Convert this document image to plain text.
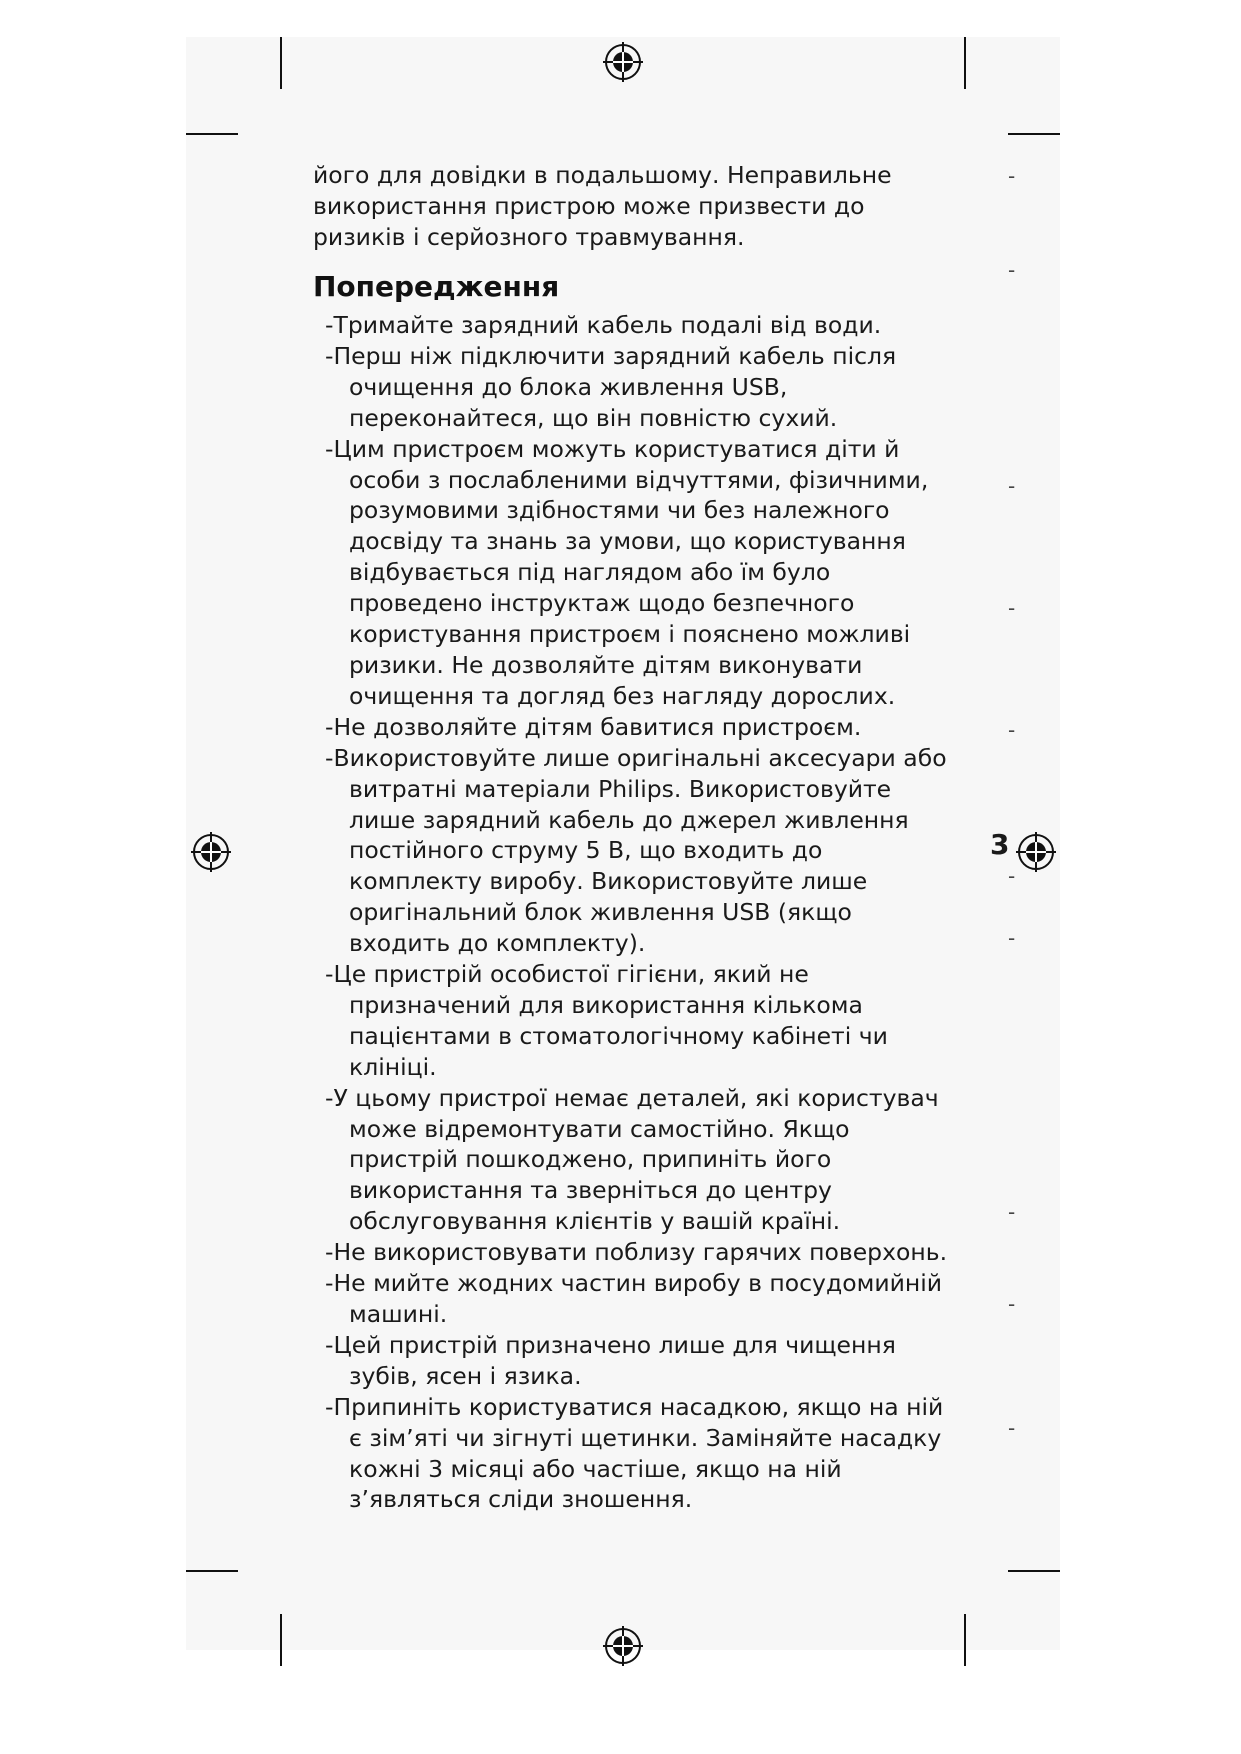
його для довідки в подальшому. Неправильне використання пристрою може призвести до ризиків і серйозного травмування.

Попередження
-Тримайте зарядний кабель подалі від води.
-Перш ніж підключити зарядний кабель після очищення до блока живлення USB, переконайтеся, що він повністю сухий.
-Цим пристроєм можуть користуватися діти й особи з послабленими відчуттями, фізичними, розумовими здібностями чи без належного досвіду та знань за умови, що користування відбувається під наглядом або їм було проведено інструктаж щодо безпечного користування пристроєм і пояснено можливі ризики. Не дозволяйте дітям виконувати очищення та догляд без нагляду дорослих.
-Не дозволяйте дітям бавитися пристроєм.
-Використовуйте лише оригінальні аксесуари або витратні матеріали Philips. Використовуйте лише зарядний кабель до джерел живлення постійного струму 5 В, що входить до комплекту виробу. Використовуйте лише оригінальний блок живлення USB (якщо входить до комплекту).
-Це пристрій особистої гігієни, який не призначений для використання кількома пацієнтами в стоматологічному кабінеті чи клініці.
-У цьому пристрої немає деталей, які користувач може відремонтувати самостійно. Якщо пристрій пошкоджено, припиніть його використання та зверніться до центру обслуговування клієнтів у вашій країні.
-Не використовувати поблизу гарячих поверхонь.
-Не мийте жодних частин виробу в посудомийній машині.
-Цей пристрій призначено лише для чищення зубів, ясен і язика.
-Припиніть користуватися насадкою, якщо на ній є зім’яті чи зігнуті щетинки. Заміняйте насадку кожні 3 місяці або частіше, якщо на ній з’являться сліди зношення.
-
-
-
-
-
-
-
-
-
-
3
